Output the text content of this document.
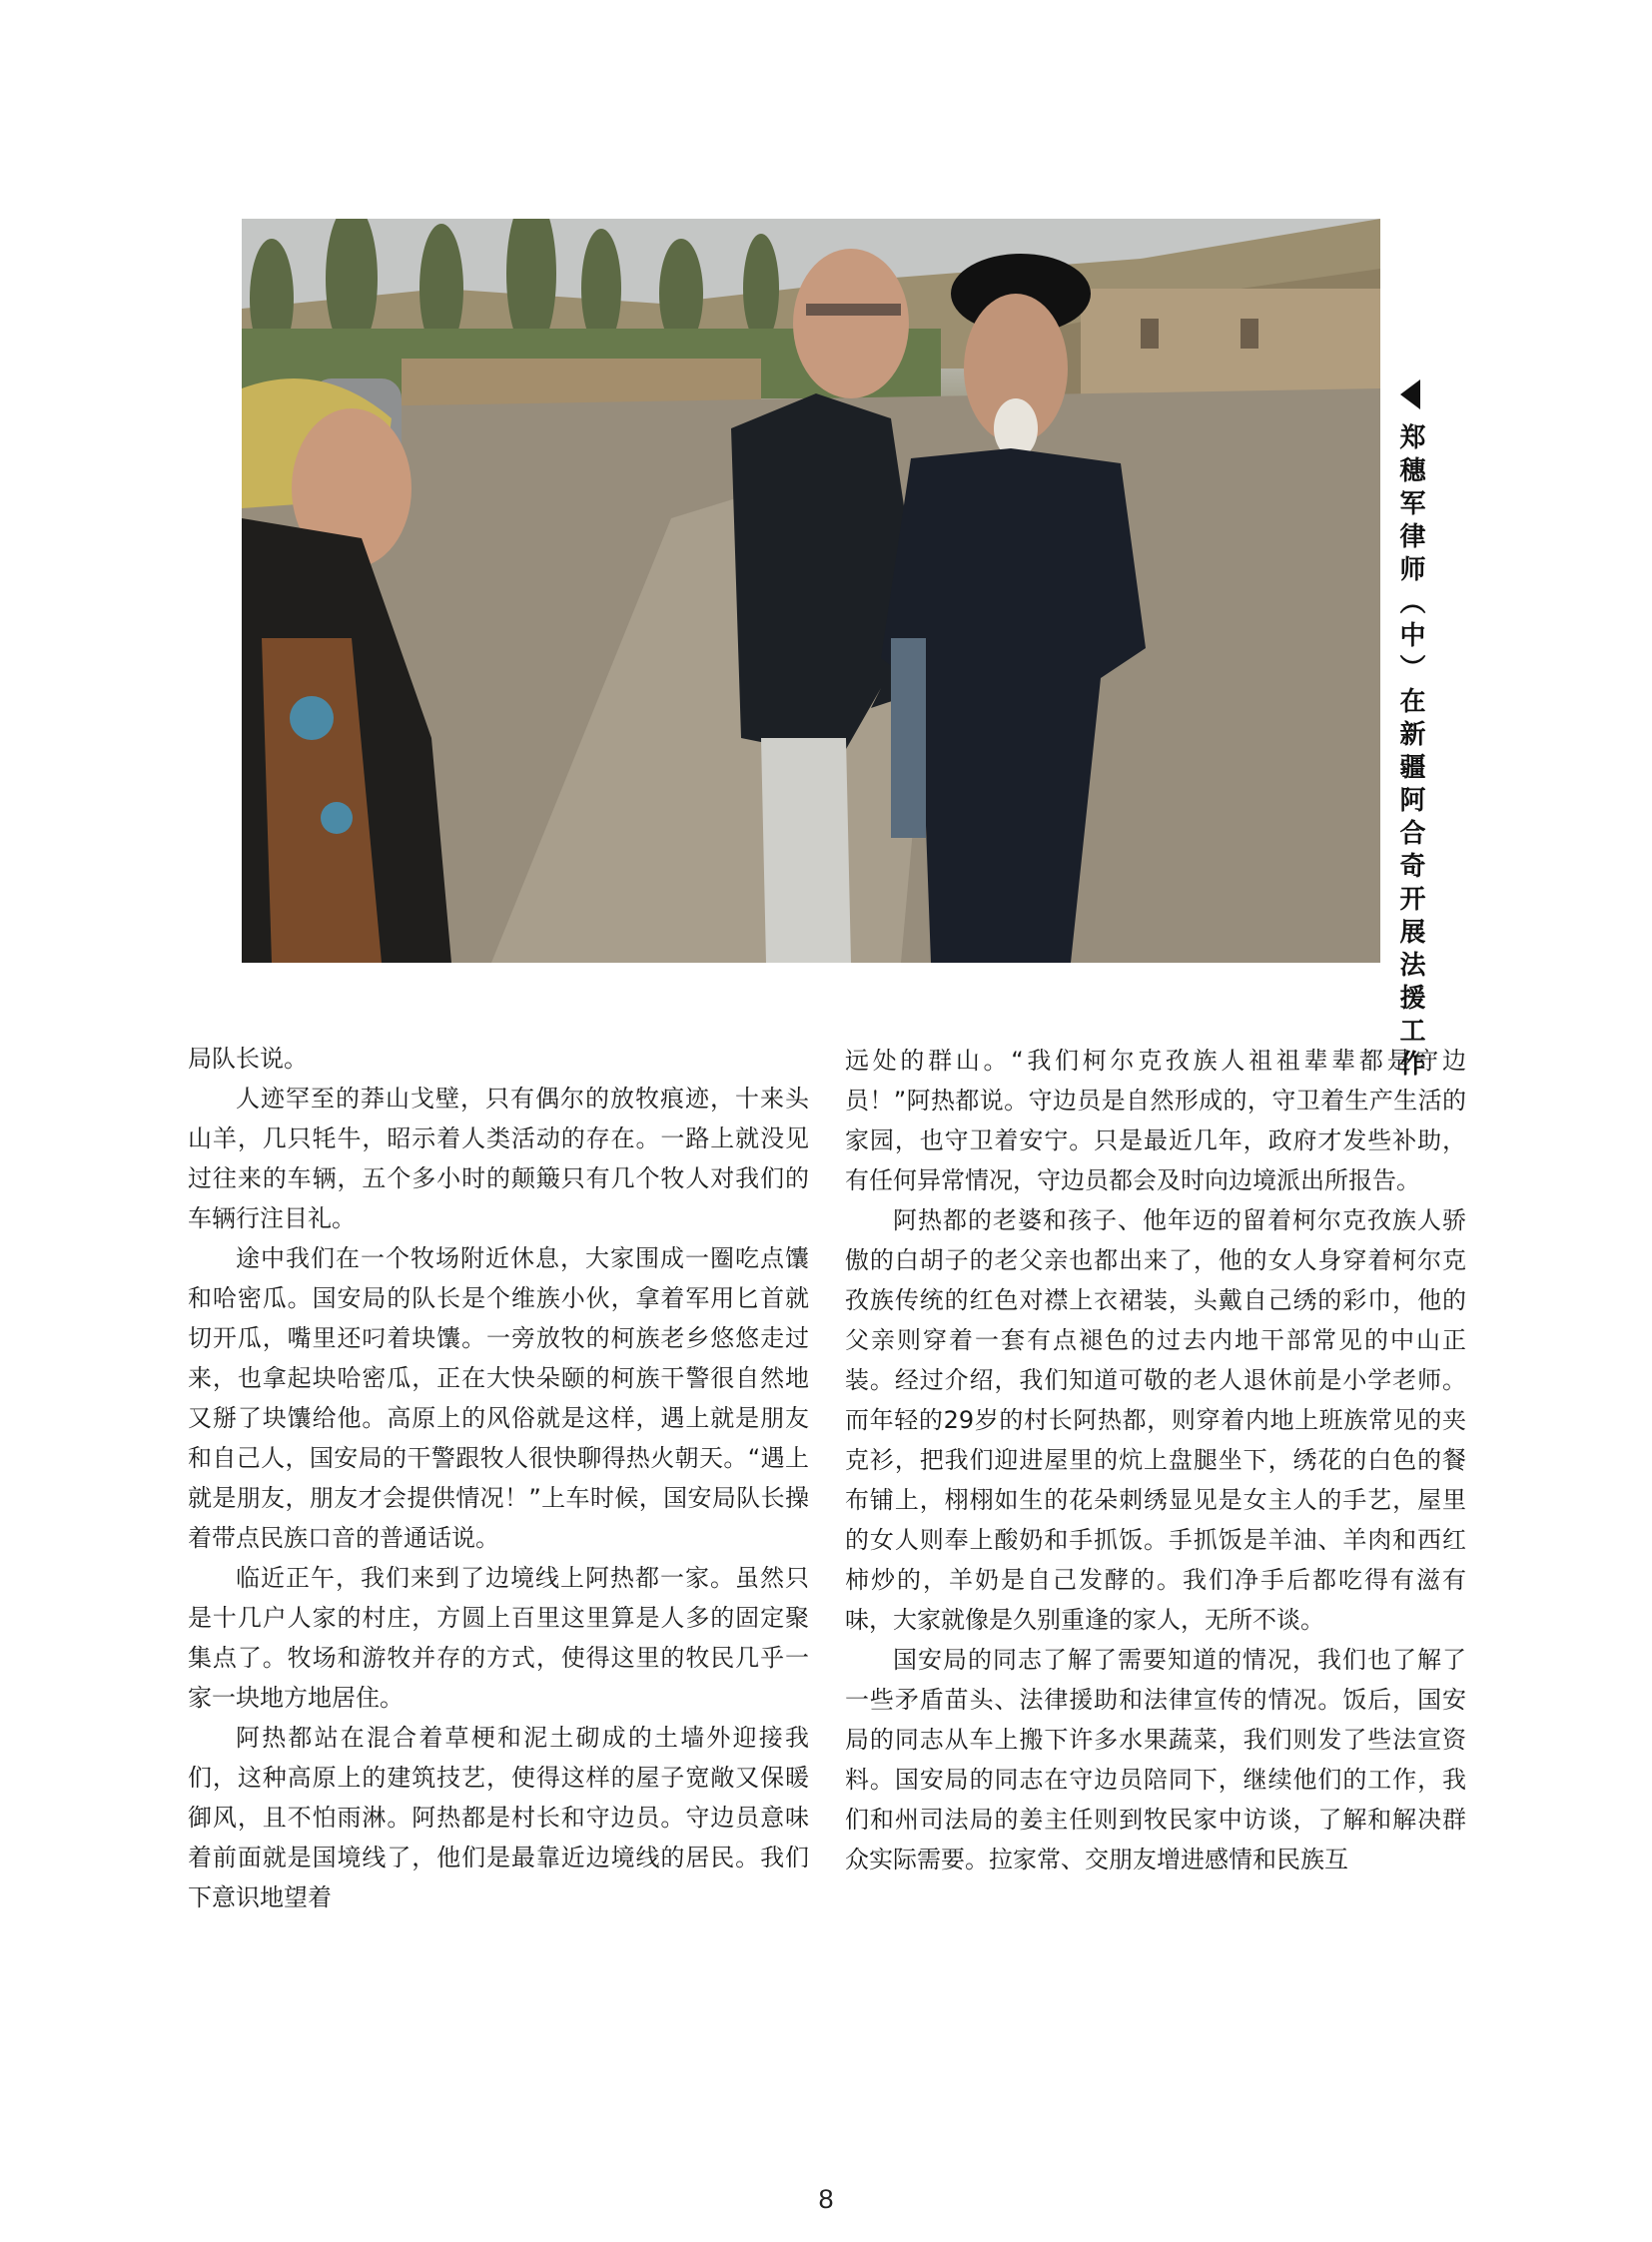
郑穗军律师（中）在新疆阿合奇开展法援工作

局队长说。

人迹罕至的莽山戈壁，只有偶尔的放牧痕迹，十来头山羊，几只牦牛，昭示着人类活动的存在。一路上就没见过往来的车辆，五个多小时的颠簸只有几个牧人对我们的车辆行注目礼。

途中我们在一个牧场附近休息，大家围成一圈吃点馕和哈密瓜。国安局的队长是个维族小伙，拿着军用匕首就切开瓜，嘴里还叼着块馕。一旁放牧的柯族老乡悠悠走过来，也拿起块哈密瓜，正在大快朵颐的柯族干警很自然地又掰了块馕给他。高原上的风俗就是这样，遇上就是朋友和自己人，国安局的干警跟牧人很快聊得热火朝天。“遇上就是朋友，朋友才会提供情况！”上车时候，国安局队长操着带点民族口音的普通话说。

临近正午，我们来到了边境线上阿热都一家。虽然只是十几户人家的村庄，方圆上百里这里算是人多的固定聚集点了。牧场和游牧并存的方式，使得这里的牧民几乎一家一块地方地居住。

阿热都站在混合着草梗和泥土砌成的土墙外迎接我们，这种高原上的建筑技艺，使得这样的屋子宽敞又保暖御风，且不怕雨淋。阿热都是村长和守边员。守边员意味着前面就是国境线了，他们是最靠近边境线的居民。我们下意识地望着

远处的群山。“我们柯尔克孜族人祖祖辈辈都是守边员！”阿热都说。守边员是自然形成的，守卫着生产生活的家园，也守卫着安宁。只是最近几年，政府才发些补助，有任何异常情况，守边员都会及时向边境派出所报告。

阿热都的老婆和孩子、他年迈的留着柯尔克孜族人骄傲的白胡子的老父亲也都出来了，他的女人身穿着柯尔克孜族传统的红色对襟上衣裙装，头戴自己绣的彩巾，他的父亲则穿着一套有点褪色的过去内地干部常见的中山正装。经过介绍，我们知道可敬的老人退休前是小学老师。而年轻的29岁的村长阿热都，则穿着内地上班族常见的夹克衫，把我们迎进屋里的炕上盘腿坐下，绣花的白色的餐布铺上，栩栩如生的花朵刺绣显见是女主人的手艺，屋里的女人则奉上酸奶和手抓饭。手抓饭是羊油、羊肉和西红柿炒的，羊奶是自己发酵的。我们净手后都吃得有滋有味，大家就像是久别重逢的家人，无所不谈。

国安局的同志了解了需要知道的情况，我们也了解了一些矛盾苗头、法律援助和法律宣传的情况。饭后，国安局的同志从车上搬下许多水果蔬菜，我们则发了些法宣资料。国安局的同志在守边员陪同下，继续他们的工作，我们和州司法局的姜主任则到牧民家中访谈，了解和解决群众实际需要。拉家常、交朋友增进感情和民族互

8
